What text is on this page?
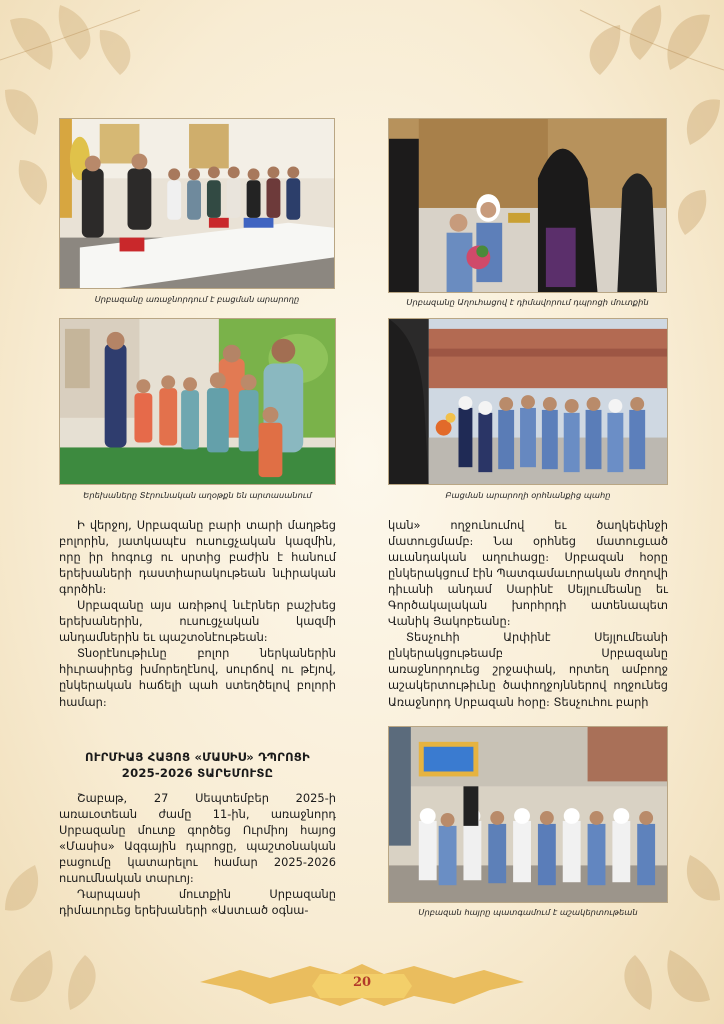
Սրբազանը առաջնորդում է բացման արարողը	Սրբազանը Աղուհացով է դիմավորում դպրոցի մուտքին
Երեխաները Տէրունական աղօթքն են արտասանում	Բացման արարողի օրհնանքից պահը
Սրբազան հայրը պատգամում է աշակերտութեան

Ի վերջոյ, Սրբազանը բարի տարի մաղթեց բոլորին, յատկապէս ուսուցչական կազմին, որը իր հոգուց ու սրտից բաժին է հանում երեխաների դաստիարակութեան նւիրական գործին։

Սրբազանը այս առիթով նւէրներ բաշխեց երեխաներին, ուսուցչական կազմի անդամներին եւ պաշտօնէութեան։

Տնօրէնութիւնը բոլոր ներկաներին հիւրասիրեց խմորեղէնով, սուրճով ու թէյով, ընկերական հաճելի պահ ստեղծելով բոլորի համար։

ՈՒՐՄԻԱՅ ՀԱՅՈՑ «ՄԱՍԻՍ» ԴՊՐՈՑԻ
2025-2026 ՏԱՐԵՄՈՒՏԸ

Շաբաթ, 27 Սեպտեմբեր 2025-ի առաւօտեան ժամը 11-ին, առաջնորդ Սրբազանը մուտք գործեց Ուրմիոյ հայոց «Մասիս» Ազգային դպրոցը, պաշտօնական բացումը կատարելու համար 2025-2026 ուսումնական տարւոյ։

Դարպասի մուտքին Սրբազանը դիմաւորւեց երեխաների «Աստւած օգնա-

կան» ողջունումով եւ ծաղկեփնջի մատուցմամբ։ Նա օրհնեց մատուցւած աւանդական աղուհացը։ Սրբազան հօրը ընկերակցում էին Պատգամաւորական ժողովի դիւանի անդամ Սարինէ Սեյլումեանը եւ Գործակալական խորհրդի ատենապետ Վանիկ Յակոբեանը։

Տեսչուհի Արփինէ Սեյլումեանի ընկերակցութեամբ Սրբազանը առաջնորդուեց շրջափակ, որտեղ ամբողջ աշակերտութիւնը ծափողջոյններով ողջունեց Առաջնորդ Սրբազան հօրը։ Տեսչուհու բարի

20
